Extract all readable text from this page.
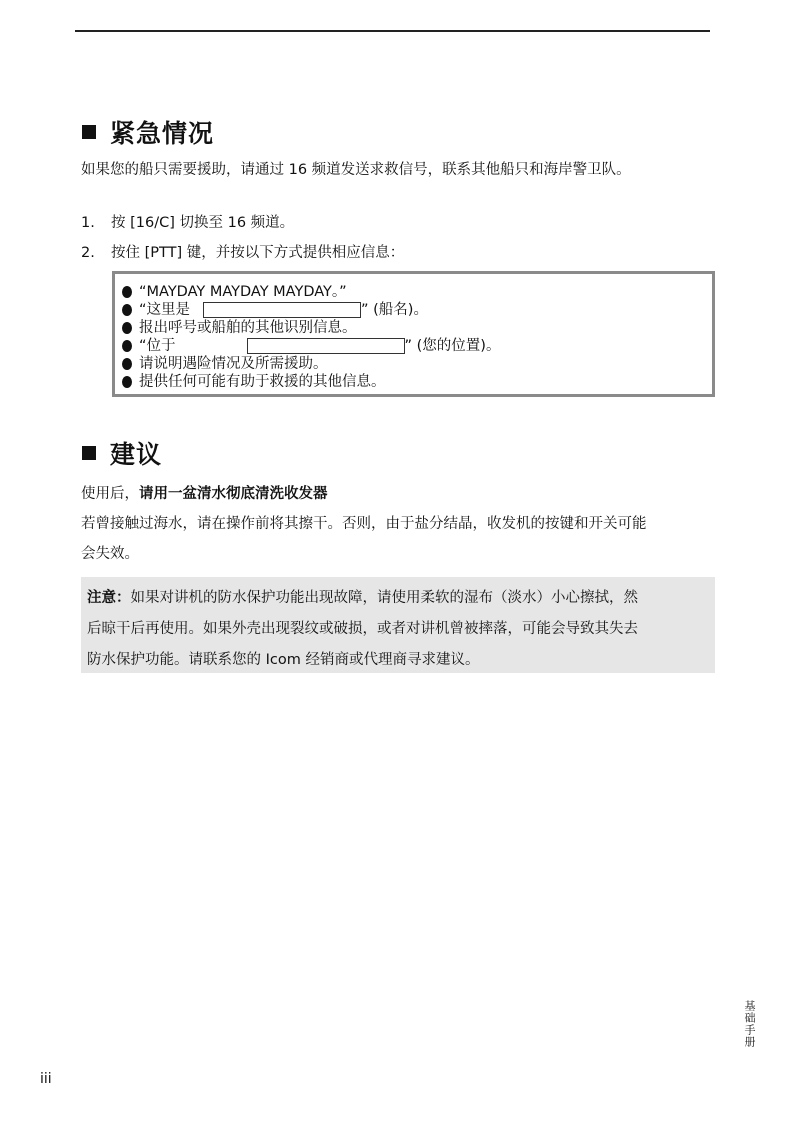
紧急情况
如果您的船只需要援助，请通过 16 频道发送求救信号，联系其他船只和海岸警卫队。
1. 按 [16/C] 切换至 16 频道。
2. 按住 [PTT] 键，并按以下方式提供相应信息：
“MAYDAY MAYDAY MAYDAY。”
“这里是	” (船名)。
报出呼号或船舶的其他识别信息。
“位于	” (您的位置)。
请说明遇险情况及所需援助。
提供任何可能有助于救援的其他信息。
建议
使用后，请用一盆清水彻底清洗收发器
若曾接触过海水，请在操作前将其擦干。否则，由于盐分结晶，收发机的按键和开关可能
会失效。
注意：如果对讲机的防水保护功能出现故障，请使用柔软的湿布（淡水）小心擦拭，然
后晾干后再使用。如果外壳出现裂纹或破损，或者对讲机曾被摔落，可能会导致其失去
防水保护功能。请联系您的 Icom 经销商或代理商寻求建议。
基础手册
iii
